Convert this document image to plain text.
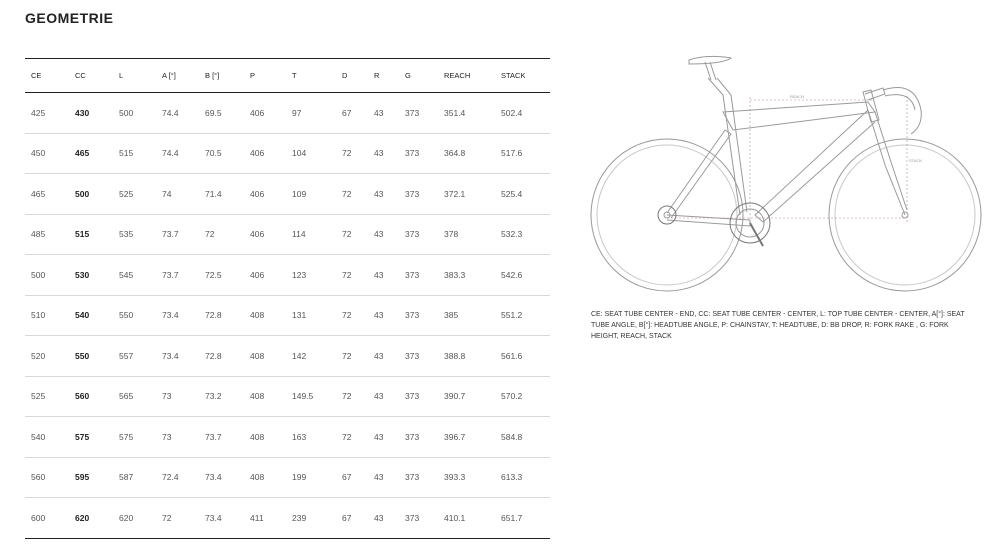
GEOMETRIE
CE	CC	L	A [°]	B [°]	P	T	D	R	G	REACH	STACK
425	430	500	74.4	69.5	406	97	67	43	373	351.4	502.4
450	465	515	74.4	70.5	406	104	72	43	373	364.8	517.6
465	500	525	74	71.4	406	109	72	43	373	372.1	525.4
485	515	535	73.7	72	406	114	72	43	373	378	532.3
500	530	545	73.7	72.5	406	123	72	43	373	383.3	542.6
510	540	550	73.4	72.8	408	131	72	43	373	385	551.2
520	550	557	73.4	72.8	408	142	72	43	373	388.8	561.6
525	560	565	73	73.2	408	149.5	72	43	373	390.7	570.2
540	575	575	73	73.7	408	163	72	43	373	396.7	584.8
560	595	587	72.4	73.4	408	199	67	43	373	393.3	613.3
600	620	620	72	73.4	411	239	67	43	373	410.1	651.7
REACH
STACK
CE: SEAT TUBE CENTER - END, CC: SEAT TUBE CENTER - CENTER, L: TOP TUBE CENTER - CENTER, A[°]: SEAT TUBE ANGLE, B[°]: HEADTUBE ANGLE, P: CHAINSTAY, T: HEADTUBE, D: BB DROP, R: FORK RAKE , G: FORK HEIGHT, REACH, STACK
